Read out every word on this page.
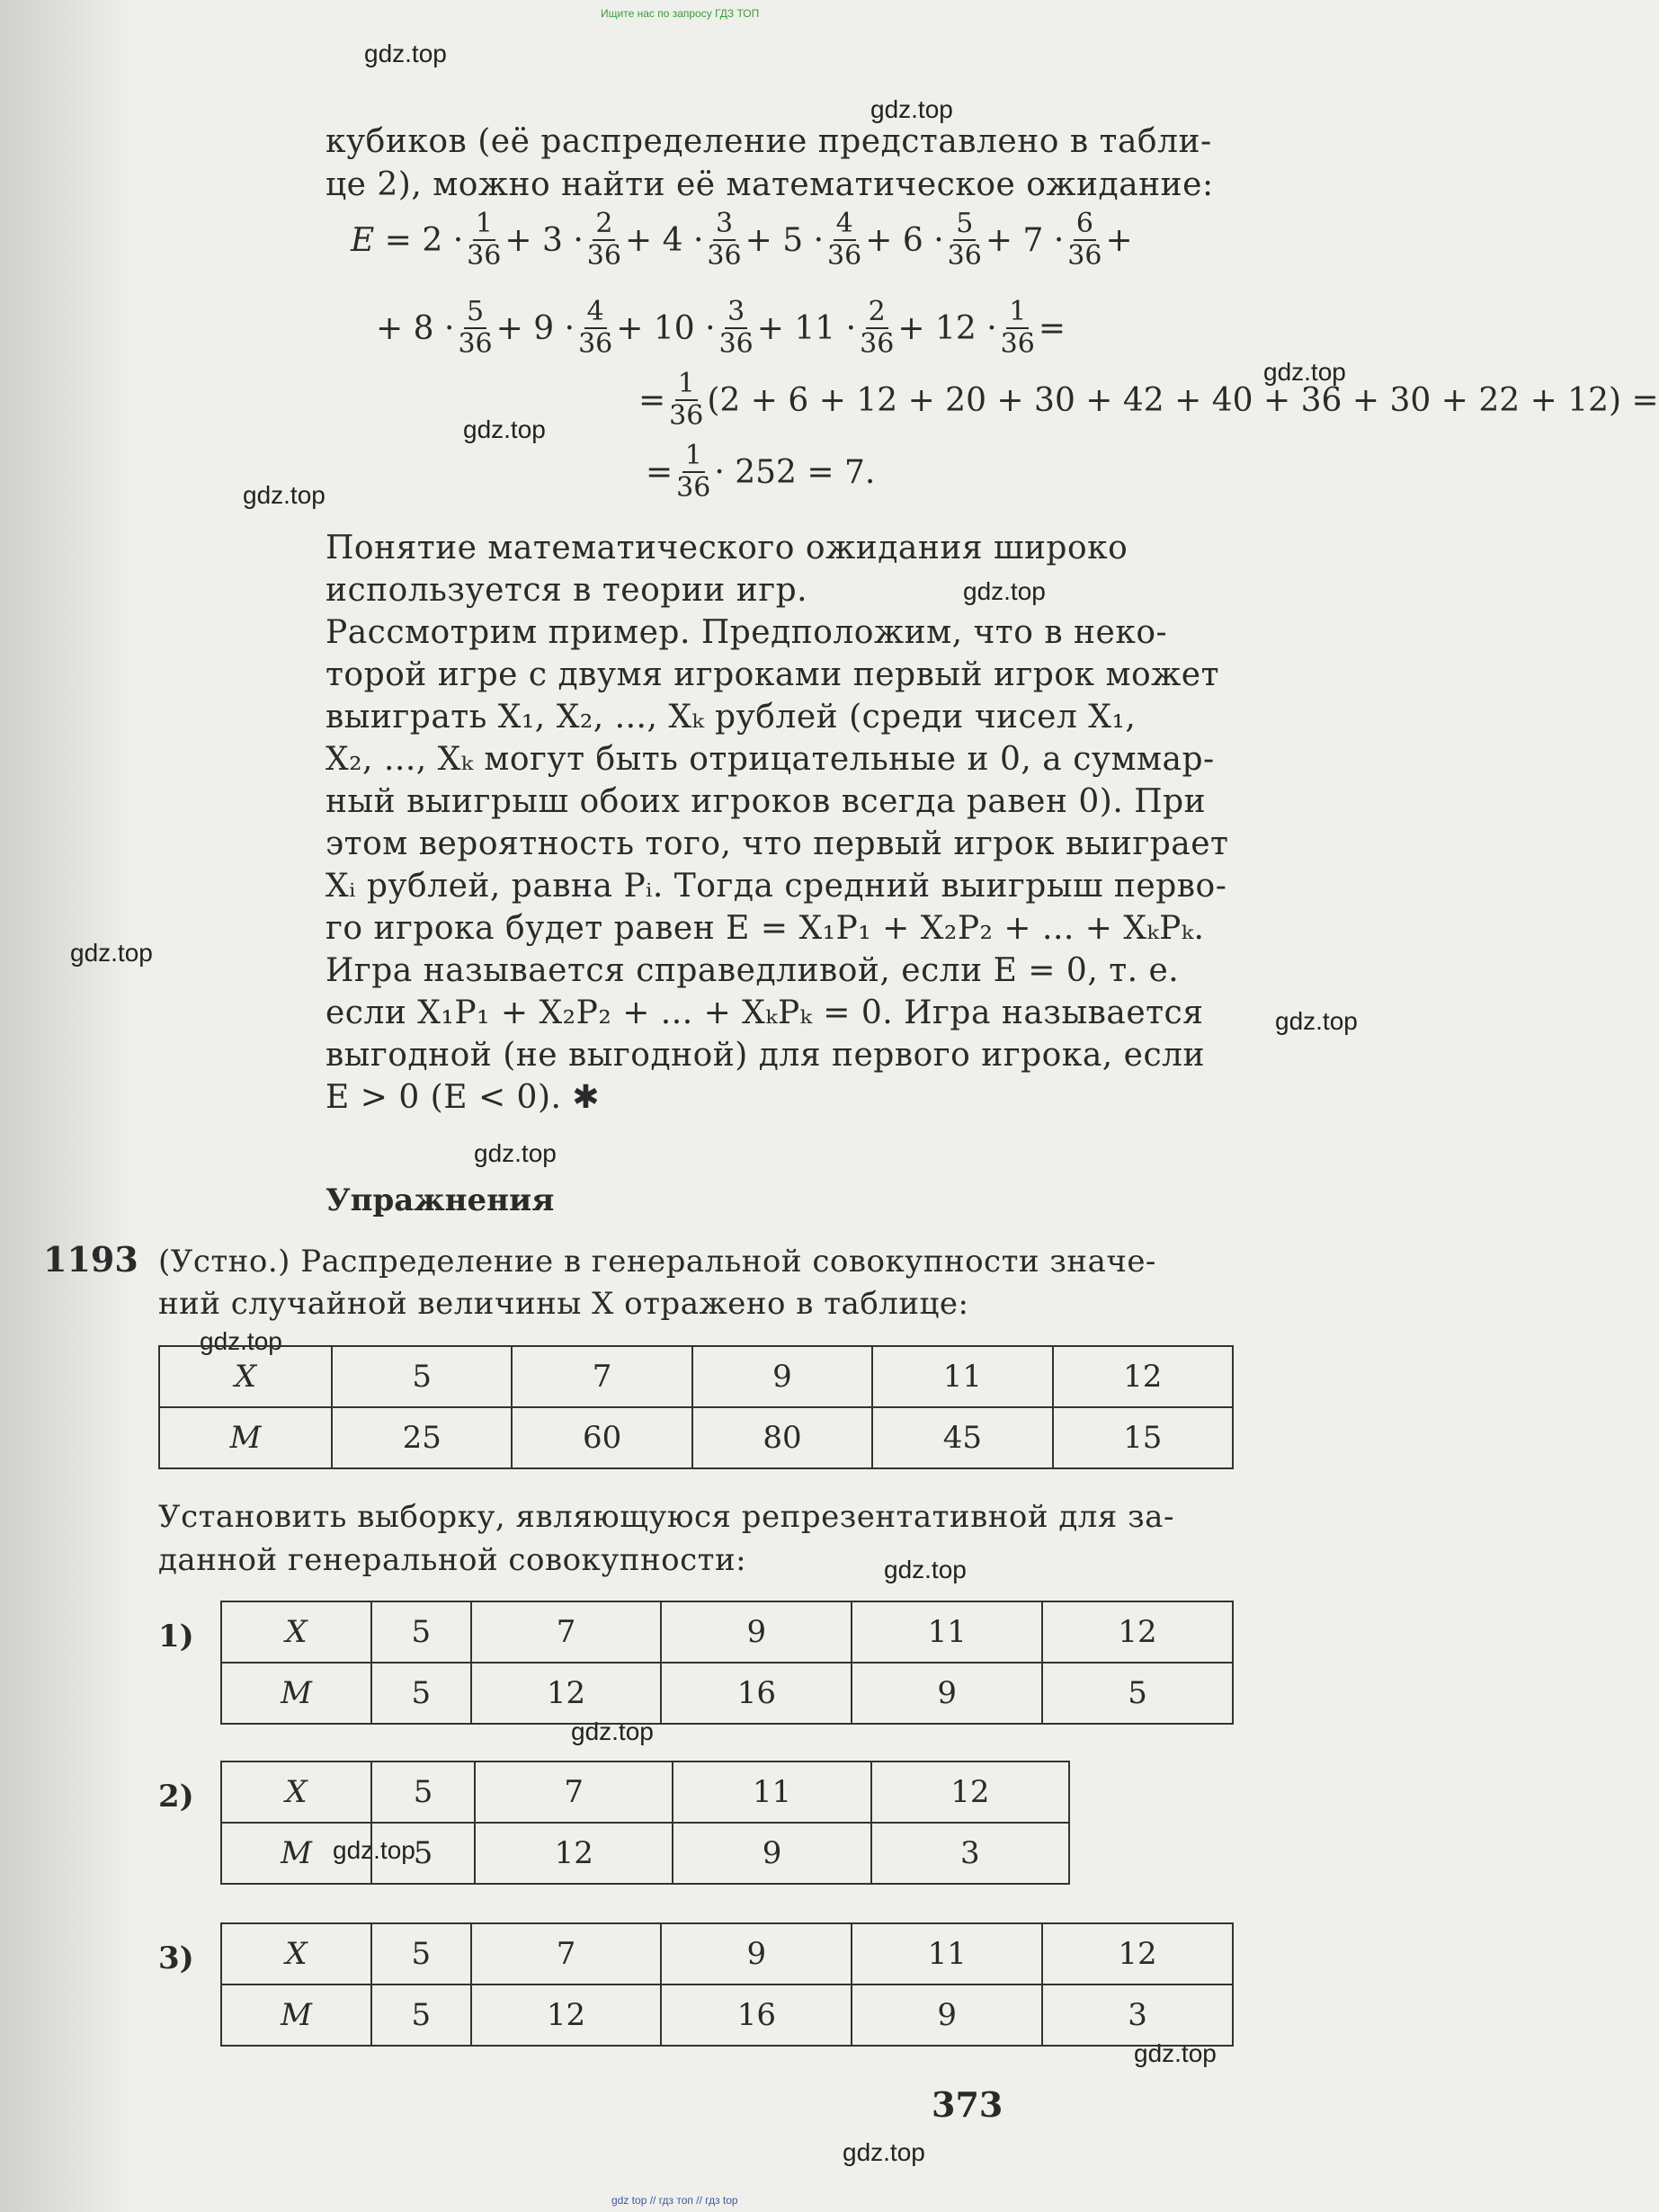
Ищите нас по запросу ГДЗ ТОП
gdz.top
gdz.top
gdz.top
gdz.top
gdz.top
gdz.top
gdz.top
gdz.top
gdz.top
gdz.top
gdz.top
gdz.top
gdz.top
gdz.top
gdz.top
gdz top // гдз топ // гдз top
кубиков (её распределение представлено в табли-
це 2), можно найти её математическое ожидание:
E
=
2
· $\frac{1}{36}$ +
3
· $\frac{2}{36}$ +
4
· $\frac{3}{36}$ +
5
· $\frac{4}{36}$ +
6
· $\frac{5}{36}$ +
7
· $\frac{6}{36}$ +
+
8
· $\frac{5}{36}$ +
9
· $\frac{4}{36}$ +
10
· $\frac{3}{36}$ +
11
· $\frac{2}{36}$ +
12
· $\frac{1}{36}$ =
= $\frac{1}{36} (2 + 6 + 12 + 20 + 30 + 42 + 40 + 36 + 30 + 22 + 12)$ =
= $\frac{1}{36} \cdot 252 = 7$.
Понятие математического ожидания широко
используется в теории игр.
Рассмотрим пример. Предположим, что в неко-
торой игре с двумя игроками первый игрок может
выиграть X₁, X₂, ..., Xₖ рублей (среди чисел X₁,
X₂, ..., Xₖ могут быть отрицательные и 0, а суммар-
ный выигрыш обоих игроков всегда равен 0). При
этом вероятность того, что первый игрок выиграет
Xᵢ рублей, равна Pᵢ. Тогда средний выигрыш перво-
го игрока будет равен E = X₁P₁ + X₂P₂ + ... + XₖPₖ.
Игра называется справедливой, если E = 0, т. е.
если X₁P₁ + X₂P₂ + ... + XₖPₖ = 0. Игра называется
выгодной (не выгодной) для первого игрока, если
E > 0 (E < 0). ✱
Упражнения
1193 (Устно.) Распределение в генеральной совокупности значе-
ний случайной величины X отражено в таблице:
X	5	7	9	11	12
M	25	60	80	45	15
Установить выборку, являющуюся репрезентативной для за-
данной генеральной совокупности:
1)	X	5	7	9	11	12
M	5	12	16	9	5
2)	X	5	7	11	12
M	5	12	9	3
3)	X	5	7	9	11	12
M	5	12	16	9	3
373
